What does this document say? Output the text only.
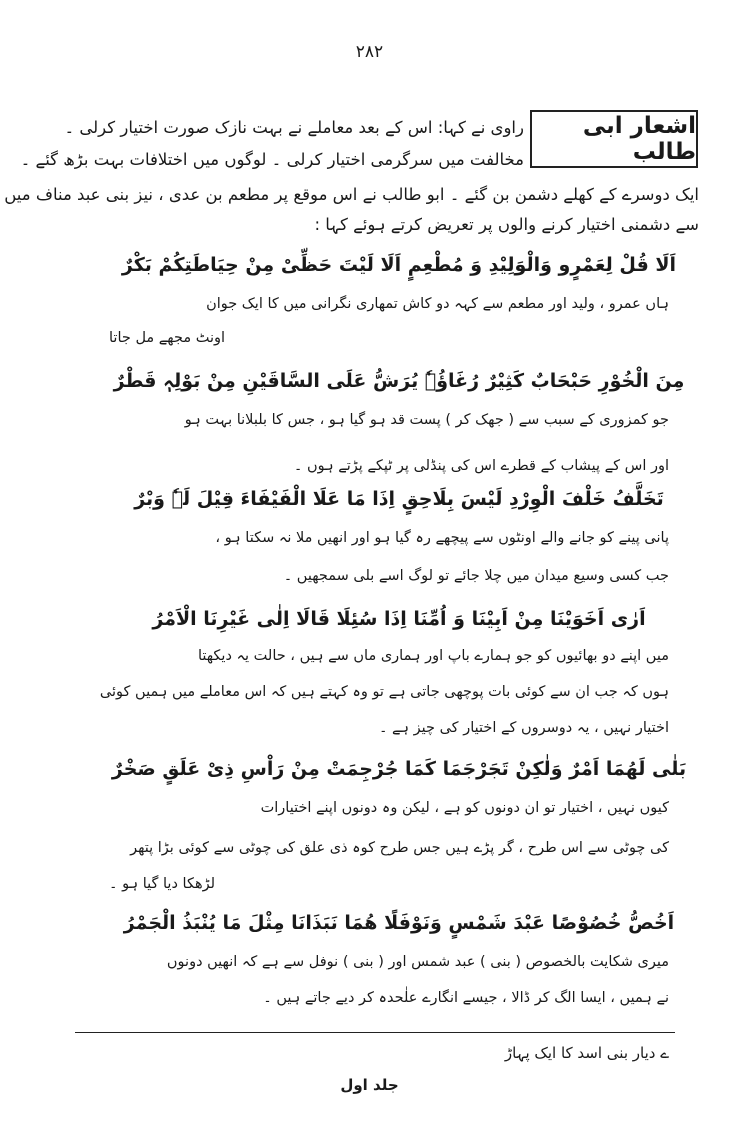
۲۸۲
اشعار ابی طالب
راوی نے کہا: اس کے بعد معاملے نے بہت نازک صورت اختیار کرلی ۔
مخالفت میں سرگرمی اختیار کرلی ۔ لوگوں میں اختلافات بہت بڑھ گئے ۔
ایک دوسرے کے کھلے دشمن بن گئے ۔ ابو طالب نے اس موقع پر مطعم بن عدی ، نیز بنی عبد مناف میں
سے دشمنی اختیار کرنے والوں پر تعریض کرتے ہوئے کہا :
اَلَا قُلْ لِعَمْرٍو وَالْوَلِیْدِ وَ مُطْعِمٍ اَلَا لَیْتَ حَظِّیْ مِنْ حِیَاطَتِکُمْ بَکْرٌ
ہاں عمرو ، ولید اور مطعم سے کہہ دو کاش تمھاری نگرانی میں کا ایک جوان
اونٹ مجھے مل جاتا
مِنَ الْخُوْرِ حَبْحَابٌ کَثِیْرٌ رُغَاؤُہٗ یُرَشُّ عَلَی السَّاقَیْنِ مِنْ بَوْلِہٖ قَطْرٌ
جو کمزوری کے سبب سے ( جھک کر ) پست قد ہو گیا ہو ، جس کا بلبلانا بہت ہو
اور اس کے پیشاب کے قطرے اس کی پنڈلی پر ٹپکے پڑتے ہوں ۔
تَخَلَّفُ خَلْفَ الْوِرْدِ لَیْسَ بِلَاحِقٍ اِذَا مَا عَلَا الْفَیْفَاءَ قِیْلَ لَہٗ وَبْرٌ
پانی پینے کو جانے والے اونٹوں سے پیچھے رہ گیا ہو اور انھیں ملا نہ سکتا ہو ،
جب کسی وسیع میدان میں چلا جائے تو لوگ اسے بلی سمجھیں ۔
اَرٰی اَخَوَیْنَا مِنْ اَبِیْنَا وَ اُمِّنَا اِذَا سُئِلَا قَالَا اِلٰی غَیْرِنَا الْاَمْرُ
میں اپنے دو بھائیوں کو جو ہمارے باپ اور ہماری ماں سے ہیں ، حالت یہ دیکھتا
ہوں کہ جب ان سے کوئی بات پوچھی جاتی ہے تو وہ کہتے ہیں کہ اس معاملے میں ہمیں کوئی
اختیار نہیں ، یہ دوسروں کے اختیار کی چیز ہے ۔
بَلٰی لَهُمَا اَمْرٌ وَلٰکِنْ تَجَرْجَمَا کَمَا جُرْجِمَتْ مِنْ رَاْسِ ذِیْ عَلَقٍ صَخْرٌ
کیوں نہیں ، اختیار تو ان دونوں کو ہے ، لیکن وہ دونوں اپنے اختیارات
کی چوٹی سے اس طرح ، گر پڑے ہیں جس طرح کوہ ذی علق کی چوٹی سے کوئی بڑا پتھر
لڑھکا دیا گیا ہو ۔
اَخُصُّ خُصُوْصًا عَبْدَ شَمْسٍ وَنَوْفَلًا هُمَا نَبَذَانَا مِثْلَ مَا یُنْبَذُ الْجَمْرُ
میری شکایت بالخصوص ( بنی ) عبد شمس اور ( بنی ) نوفل سے ہے کہ انھیں دونوں
نے ہمیں ، ایسا الگ کر ڈالا ، جیسے انگارے علٰحدہ کر دیے جاتے ہیں ۔
ے دیار بنی اسد کا ایک پہاڑ
جلد اول
